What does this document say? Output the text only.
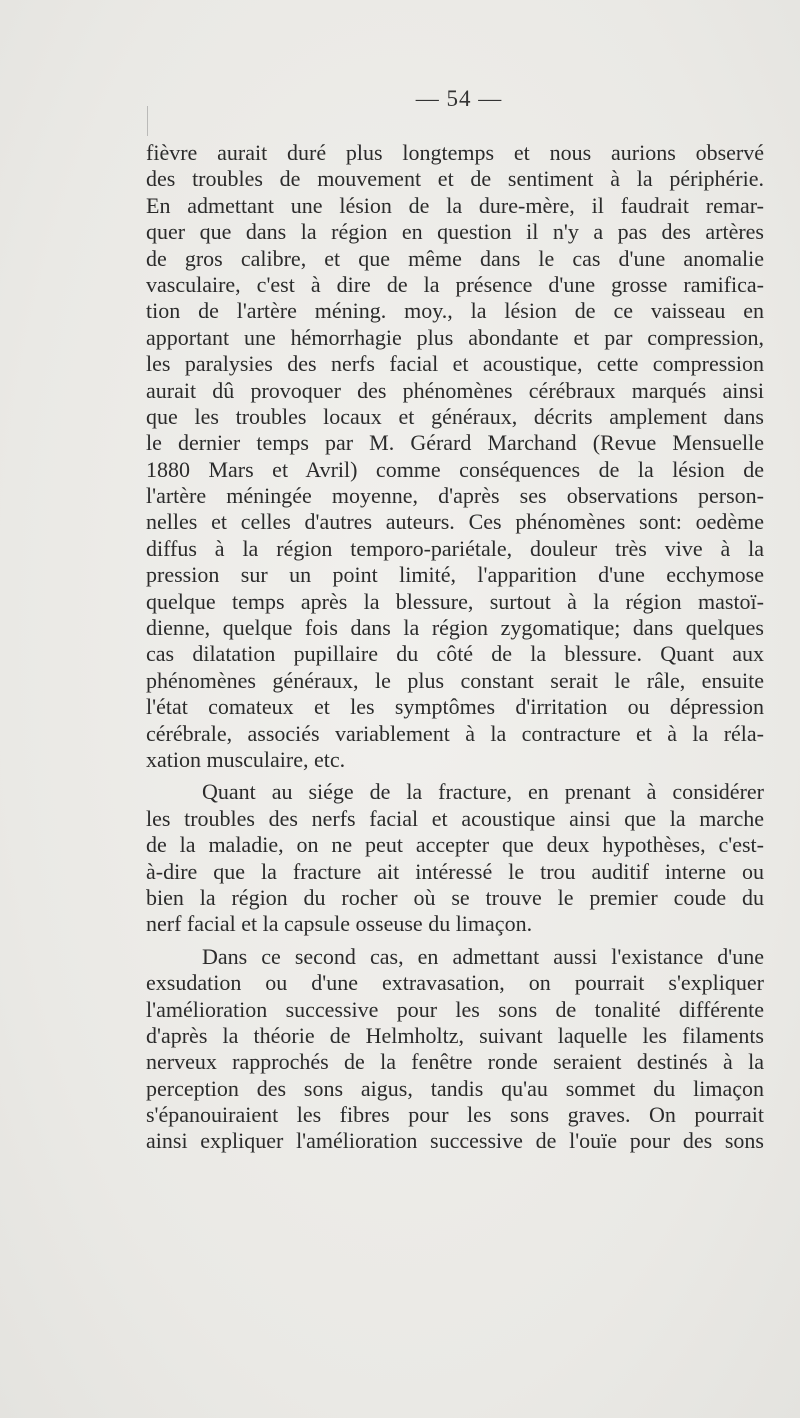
— 54 —
fièvre aurait duré plus longtemps et nous aurions observé
des troubles de mouvement et de sentiment à la périphérie.
En admettant une lésion de la dure-mère, il faudrait remar-
quer que dans la région en question il n'y a pas des artères
de gros calibre, et que même dans le cas d'une anomalie
vasculaire, c'est à dire de la présence d'une grosse ramifica-
tion de l'artère méning. moy., la lésion de ce vaisseau en
apportant une hémorrhagie plus abondante et par compression,
les paralysies des nerfs facial et acoustique, cette compression
aurait dû provoquer des phénomènes cérébraux marqués ainsi
que les troubles locaux et généraux, décrits amplement dans
le dernier temps par M. Gérard Marchand (Revue Mensuelle
1880 Mars et Avril) comme conséquences de la lésion de
l'artère méningée moyenne, d'après ses observations person-
nelles et celles d'autres auteurs. Ces phénomènes sont: oedème
diffus à la région temporo-pariétale, douleur très vive à la
pression sur un point limité, l'apparition d'une ecchymose
quelque temps après la blessure, surtout à la région mastoï-
dienne, quelque fois dans la région zygomatique; dans quelques
cas dilatation pupillaire du côté de la blessure. Quant aux
phénomènes généraux, le plus constant serait le râle, ensuite
l'état comateux et les symptômes d'irritation ou dépression
cérébrale, associés variablement à la contracture et à la rélа-
xation musculaire, etc.
Quant au siége de la fracture, en prenant à considérer
les troubles des nerfs facial et acoustique ainsi que la marche
de la maladie, on ne peut accepter que deux hypothèses, c'est-
à-dire que la fracture ait intéressé le trou auditif interne ou
bien la région du rocher où se trouve le premier coude du
nerf facial et la capsule osseuse du limaçon.
Dans ce second cas, en admettant aussi l'existance d'une
exsudation ou d'une extravasation, on pourrait s'expliquer
l'amélioration successive pour les sons de tonalité différente
d'après la théorie de Helmholtz, suivant laquelle les filaments
nerveux rapprochés de la fenêtre ronde seraient destinés à la
perception des sons aigus, tandis qu'au sommet du limaçon
s'épanouiraient les fibres pour les sons graves. On pourrait
ainsi expliquer l'amélioration successive de l'ouïe pour des sons
